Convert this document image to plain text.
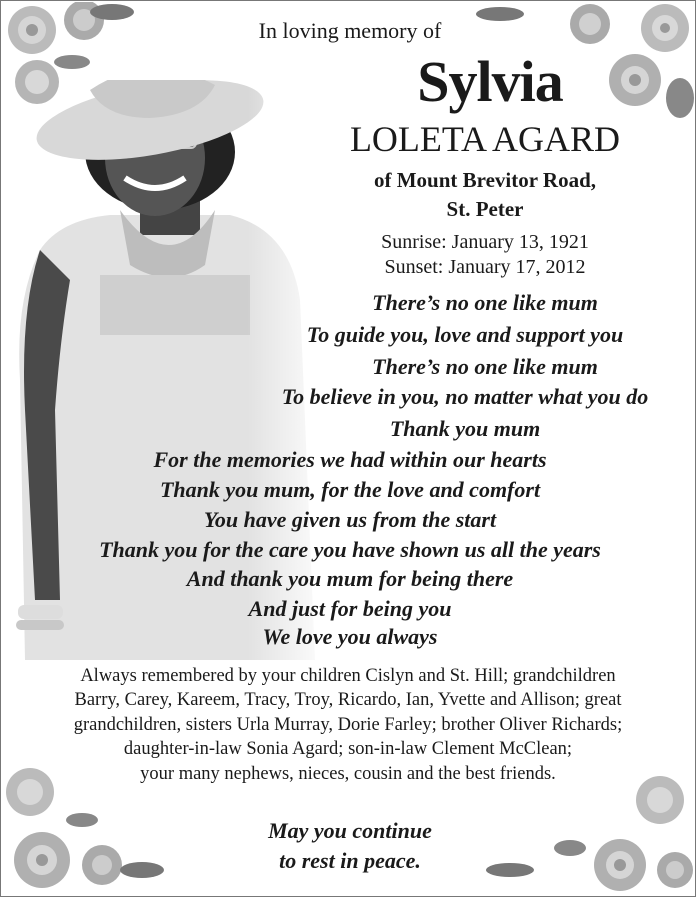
In loving memory of
Sylvia
LOLETA AGARD
of Mount Brevitor Road,
St. Peter
Sunrise: January 13, 1921
Sunset: January 17, 2012
There’s no one like mum
To guide you, love and support you
There’s no one like mum
To believe in you, no matter what you do
Thank you mum
For the memories we had within our hearts
Thank you mum, for the love and comfort
You have given us from the start
Thank you for the care you have shown us all the years
And thank you mum for being there
And just for being you
We love you always
Always remembered by your children Cislyn and St. Hill; grandchildren
Barry, Carey, Kareem, Tracy, Troy, Ricardo, Ian, Yvette and Allison; great
grandchildren, sisters Urla Murray, Dorie Farley; brother Oliver Richards;
daughter-in-law Sonia Agard; son-in-law Clement McClean;
your many nephews, nieces, cousin and the best friends.
May you continue
to rest in peace.
